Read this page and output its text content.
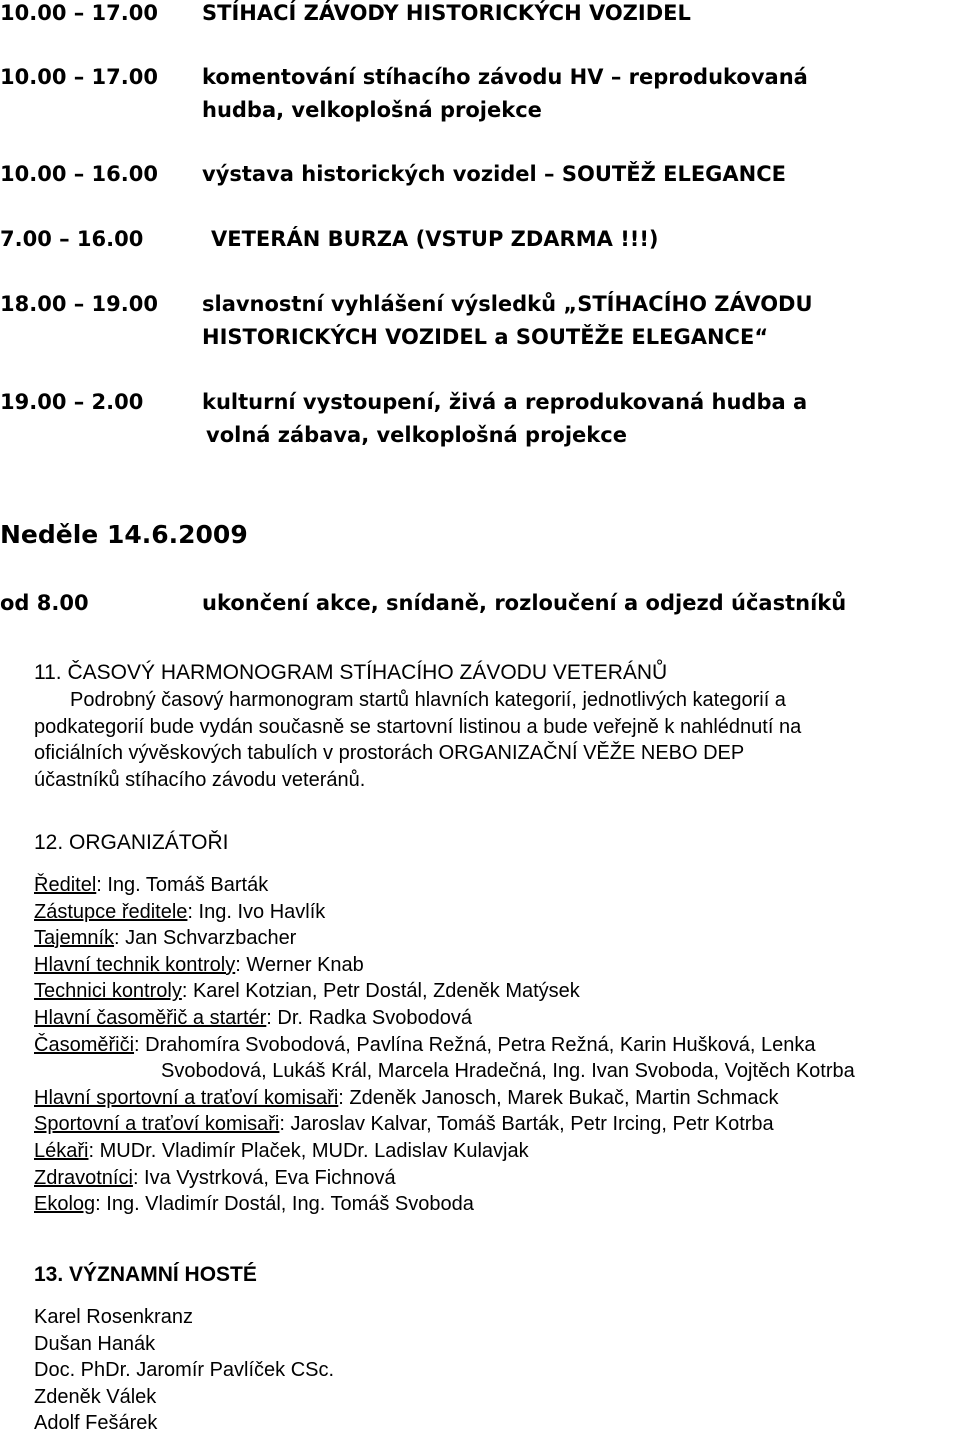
10.00 – 17.00 STÍHACÍ ZÁVODY HISTORICKÝCH VOZIDEL
10.00 – 17.00 komentování stíhacího závodu HV – reprodukovaná
hudba, velkoplošná projekce
10.00 – 16.00 výstava historických vozidel – SOUTĚŽ ELEGANCE
7.00 – 16.00	VETERÁN BURZA (VSTUP ZDARMA !!!)
18.00 – 19.00 slavnostní vyhlášení výsledků „STÍHACÍHO ZÁVODU
HISTORICKÝCH VOZIDEL a SOUTĚŽE ELEGANCE“
19.00 – 2.00	kulturní vystoupení, živá a reprodukovaná hudba a
volná zábava, velkoplošná projekce
Neděle 14.6.2009
od 8.00	ukončení akce, snídaně, rozloučení a odjezd účastníků
11. ČASOVÝ HARMONOGRAM STÍHACÍHO ZÁVODU VETERÁNŮ
Podrobný časový harmonogram startů hlavních kategorií, jednotlivých kategorií a
podkategorií bude vydán současně se startovní listinou a bude veřejně k nahlédnutí na
oficiálních vývěskových tabulích v prostorách ORGANIZAČNÍ VĚŽE NEBO DEP
účastníků stíhacího závodu veteránů.
12. ORGANIZÁTOŘI
Ředitel: Ing. Tomáš Barták
Zástupce ředitele: Ing. Ivo Havlík
Tajemník: Jan Schvarzbacher
Hlavní technik kontroly: Werner Knab
Technici kontroly: Karel Kotzian, Petr Dostál, Zdeněk Matýsek
Hlavní časoměřič a startér: Dr. Radka Svobodová
Časoměřiči: Drahomíra Svobodová, Pavlína Režná, Petra Režná, Karin Hušková, Lenka
Svobodová, Lukáš Král, Marcela Hradečná, Ing. Ivan Svoboda, Vojtěch Kotrba
Hlavní sportovní a traťoví komisaři: Zdeněk Janosch, Marek Bukač, Martin Schmack
Sportovní a traťoví komisaři: Jaroslav Kalvar, Tomáš Barták, Petr Ircing, Petr Kotrba
Lékaři: MUDr. Vladimír Plaček, MUDr. Ladislav Kulavjak
Zdravotníci: Iva Vystrková, Eva Fichnová
Ekolog: Ing. Vladimír Dostál, Ing. Tomáš Svoboda
13. VÝZNAMNÍ HOSTÉ
Karel Rosenkranz
Dušan Hanák
Doc. PhDr. Jaromír Pavlíček CSc.
Zdeněk Válek
Adolf Fešárek
